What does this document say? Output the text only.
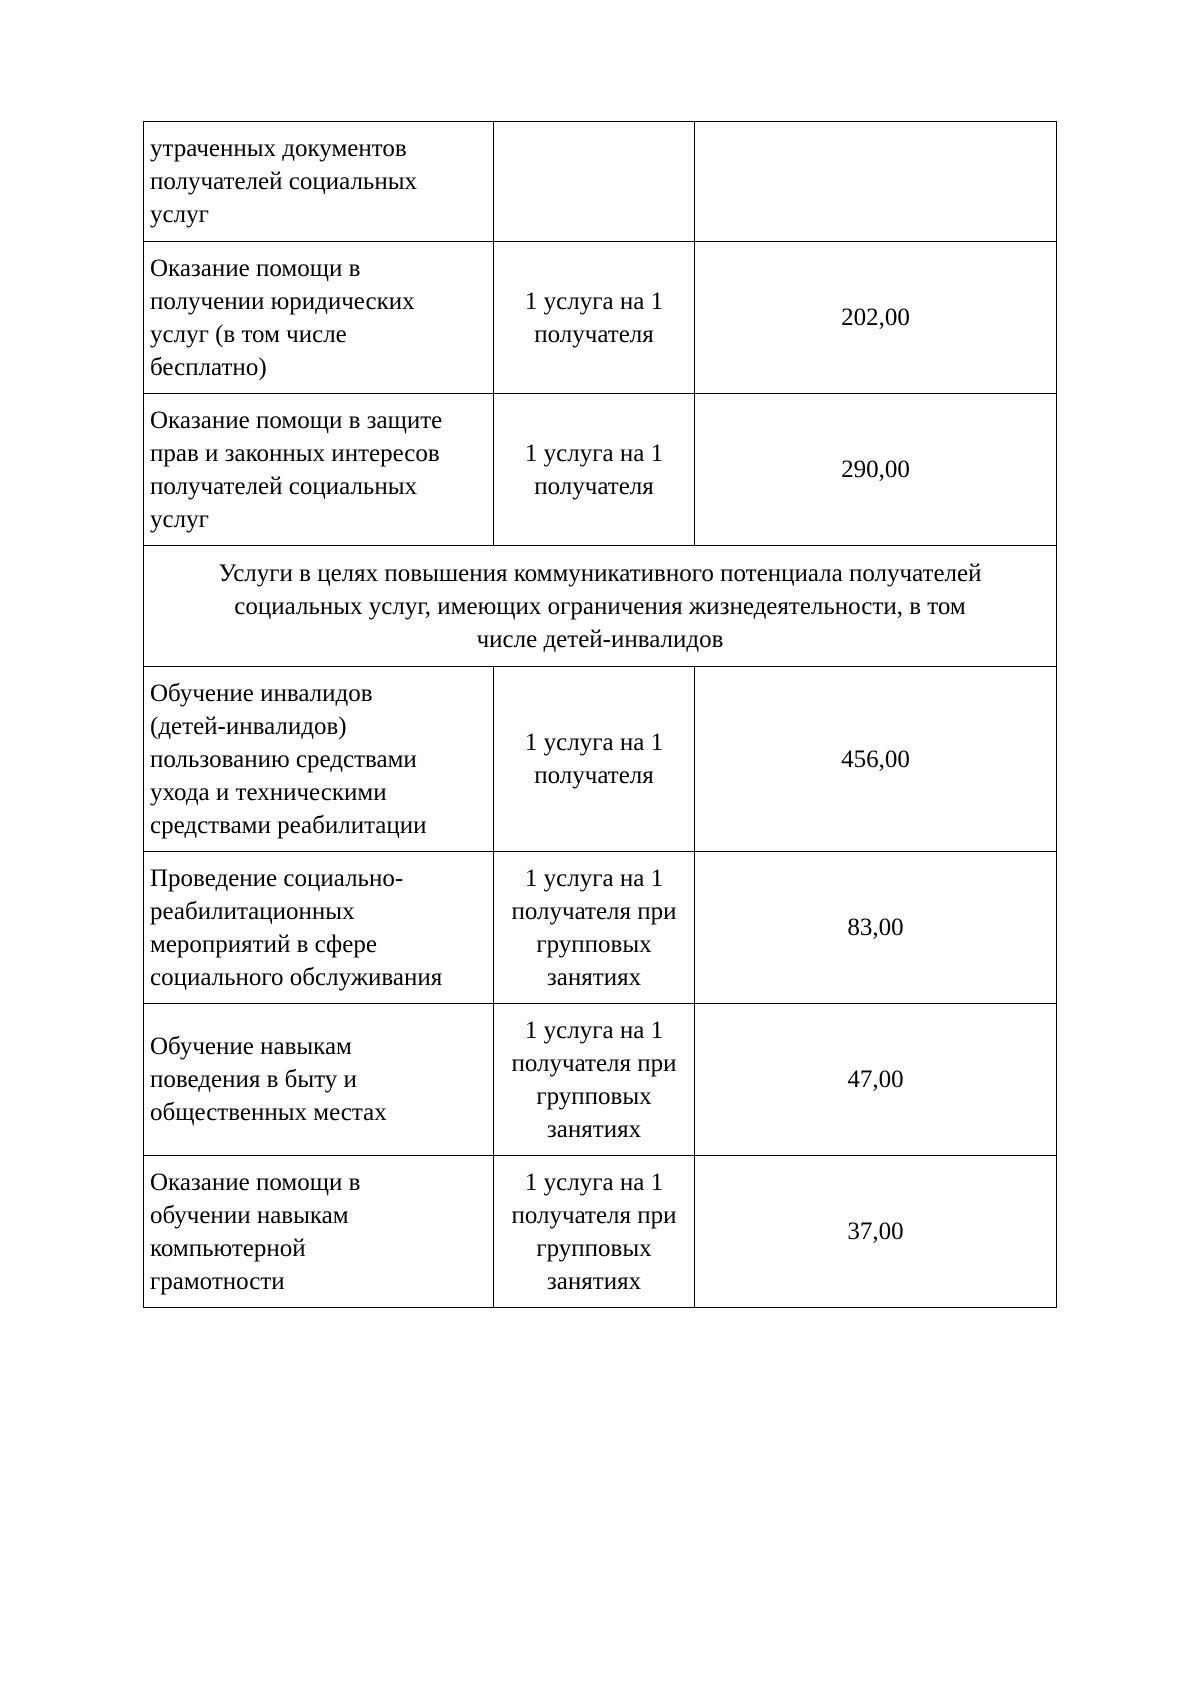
утраченных документов
получателей социальных
услуг		

Оказание помощи в
получении юридических
услуг (в том числе
бесплатно)	1 услуга на 1
получателя	202,00

Оказание помощи в защите
прав и законных интересов
получателей социальных
услуг	1 услуга на 1
получателя	290,00

Услуги в целях повышения коммуникативного потенциала получателей
социальных услуг, имеющих ограничения жизнедеятельности, в том
числе детей-инвалидов		

Обучение инвалидов
(детей-инвалидов)
пользованию средствами
ухода и техническими
средствами реабилитации	1 услуга на 1
получателя	456,00

Проведение социально-
реабилитационных
мероприятий в сфере
социального обслуживания	1 услуга на 1
получателя при
групповых
занятиях	83,00

Обучение навыкам
поведения в быту и
общественных местах	1 услуга на 1
получателя при
групповых
занятиях	47,00

Оказание помощи в
обучении навыкам
компьютерной
грамотности	1 услуга на 1
получателя при
групповых
занятиях	37,00
